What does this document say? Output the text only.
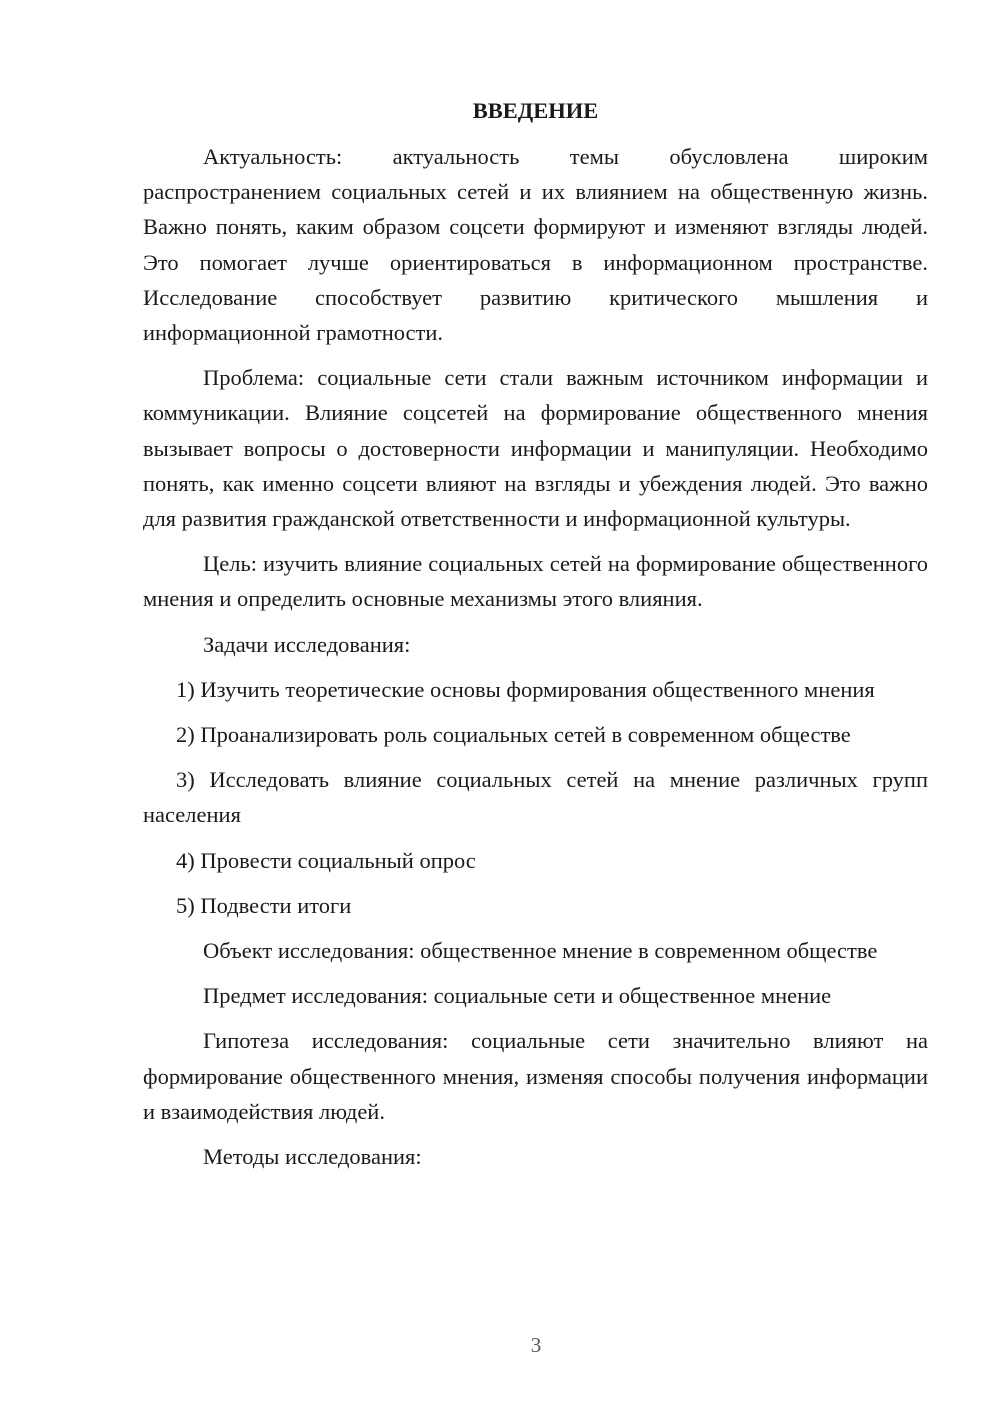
ВВЕДЕНИЕ

Актуальность: актуальность темы обусловлена широким распространением социальных сетей и их влиянием на общественную жизнь. Важно понять, каким образом соцсети формируют и изменяют взгляды людей. Это помогает лучше ориентироваться в информационном пространстве. Исследование способствует развитию критического мышления и информационной грамотности.

Проблема: социальные сети стали важным источником информации и коммуникации. Влияние соцсетей на формирование общественного мнения вызывает вопросы о достоверности информации и манипуляции. Необходимо понять, как именно соцсети влияют на взгляды и убеждения людей. Это важно для развития гражданской ответственности и информационной культуры.

Цель: изучить влияние социальных сетей на формирование общественного мнения и определить основные механизмы этого влияния.

Задачи исследования:

1) Изучить теоретические основы формирования общественного мнения

2) Проанализировать роль социальных сетей в современном обществе

3) Исследовать влияние социальных сетей на мнение различных групп населения

4) Провести социальный опрос

5) Подвести итоги

Объект исследования: общественное мнение в современном обществе

Предмет исследования: социальные сети и общественное мнение

Гипотеза исследования: социальные сети значительно влияют на формирование общественного мнения, изменяя способы получения информации и взаимодействия людей.

Методы исследования:

3
